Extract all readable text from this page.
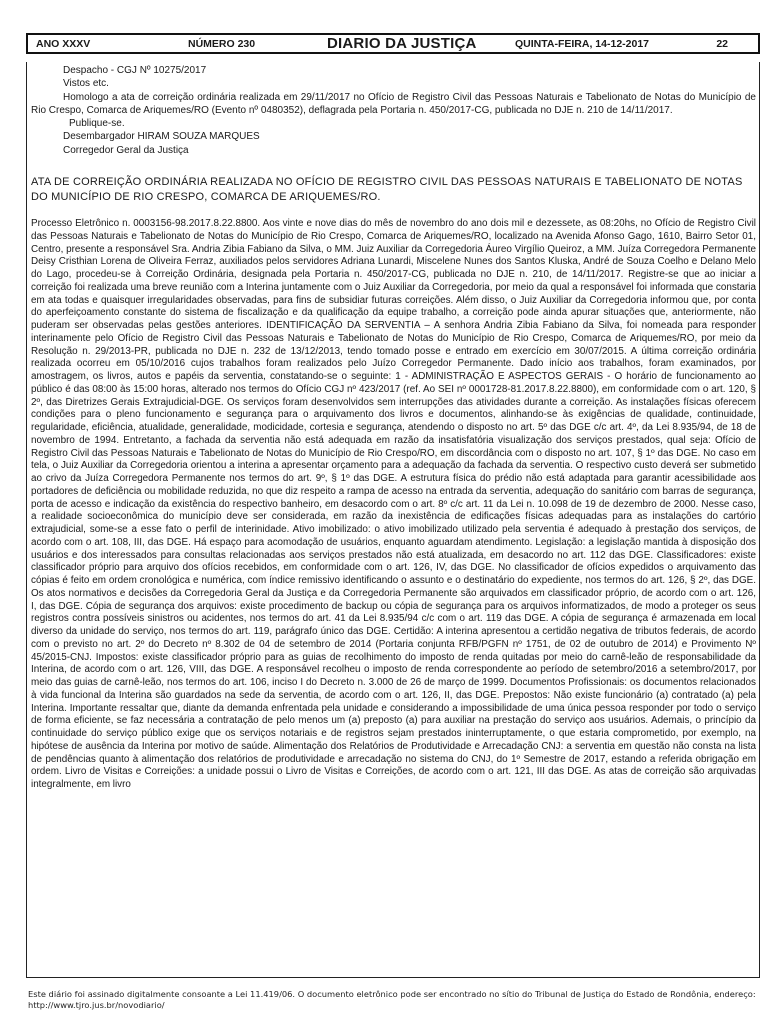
ANO XXXV	NÚMERO 230	DIARIO DA JUSTIÇA	QUINTA-FEIRA, 14-12-2017	22

Despacho - CGJ Nº 10275/2017

Vistos etc.

Homologo a ata de correição ordinária realizada em 29/11/2017 no Ofício de Registro Civil das Pessoas Naturais e Tabelionato de Notas do Município de Rio Crespo, Comarca de Ariquemes/RO (Evento nº 0480352), deflagrada pela Portaria n. 450/2017-CG, publicada no DJE n. 210 de 14/11/2017.

Publique-se.

Desembargador HIRAM SOUZA MARQUES

Corregedor Geral da Justiça

ATA DE CORREIÇÃO ORDINÁRIA REALIZADA NO OFÍCIO DE REGISTRO CIVIL DAS PESSOAS NATURAIS E TABELIONATO DE NOTAS DO MUNICÍPIO DE RIO CRESPO, COMARCA DE ARIQUEMES/RO.

Processo Eletrônico n. 0003156-98.2017.8.22.8800. Aos vinte e nove dias do mês de novembro do ano dois mil e dezessete, as 08:20hs, no Ofício de Registro Civil das Pessoas Naturais e Tabelionato de Notas do Município de Rio Crespo, Comarca de Ariquemes/RO, localizado na Avenida Afonso Gago, 1610, Bairro Setor 01, Centro, presente a responsável Sra. Andria Zibia Fabiano da Silva, o MM. Juiz Auxiliar da Corregedoria Áureo Virgílio Queiroz, a MM. Juíza Corregedora Permanente Deisy Cristhian Lorena de Oliveira Ferraz, auxiliados pelos servidores Adriana Lunardi, Miscelene Nunes dos Santos Kluska, André de Souza Coelho e Delano Melo do Lago, procedeu-se à Correição Ordinária, designada pela Portaria n. 450/2017-CG, publicada no DJE n. 210, de 14/11/2017. Registre-se que ao iniciar a correição foi realizada uma breve reunião com a Interina juntamente com o Juiz Auxiliar da Corregedoria, por meio da qual a responsável foi informada que constaria em ata todas e quaisquer irregularidades observadas, para fins de subsidiar futuras correições. Além disso, o Juiz Auxiliar da Corregedoria informou que, por conta do aperfeiçoamento constante do sistema de fiscalização e da qualificação da equipe trabalho, a correição pode ainda apurar situações que, anteriormente, não puderam ser observadas pelas gestões anteriores. IDENTIFICAÇÃO DA SERVENTIA – A senhora Andria Zibia Fabiano da Silva, foi nomeada para responder interinamente pelo Ofício de Registro Civil das Pessoas Naturais e Tabelionato de Notas do Município de Rio Crespo, Comarca de Ariquemes/RO, por meio da Resolução n. 29/2013-PR, publicada no DJE n. 232 de 13/12/2013, tendo tomado posse e entrado em exercício em 30/07/2015. A última correição ordinária realizada ocorreu em 05/10/2016 cujos trabalhos foram realizados pelo Juízo Corregedor Permanente. Dado início aos trabalhos, foram examinados, por amostragem, os livros, autos e papéis da serventia, constatando-se o seguinte: 1 - ADMINISTRAÇÃO E ASPECTOS GERAIS - O horário de funcionamento ao público é das 08:00 às 15:00 horas, alterado nos termos do Ofício CGJ nº 423/2017 (ref. Ao SEI nº 0001728-81.2017.8.22.8800), em conformidade com o art. 120, § 2º, das Diretrizes Gerais Extrajudicial-DGE. Os serviços foram desenvolvidos sem interrupções das atividades durante a correição. As instalações físicas oferecem condições para o pleno funcionamento e segurança para o arquivamento dos livros e documentos, alinhando-se às exigências de qualidade, continuidade, regularidade, eficiência, atualidade, generalidade, modicidade, cortesia e segurança, atendendo o disposto no art. 5º das DGE c/c art. 4º, da Lei 8.935/94, de 18 de novembro de 1994. Entretanto, a fachada da serventia não está adequada em razão da insatisfatória visualização dos serviços prestados, qual seja: Ofício de Registro Civil das Pessoas Naturais e Tabelionato de Notas do Município de Rio Crespo/RO, em discordância com o disposto no art. 107, § 1º das DGE. No caso em tela, o Juiz Auxiliar da Corregedoria orientou a interina a apresentar orçamento para a adequação da fachada da serventia. O respectivo custo deverá ser submetido ao crivo da Juíza Corregedora Permanente nos termos do art. 9º, § 1º das DGE. A estrutura física do prédio não está adaptada para garantir acessibilidade aos portadores de deficiência ou mobilidade reduzida, no que diz respeito a rampa de acesso na entrada da serventia, adequação do sanitário com barras de segurança, porta de acesso e indicação da existência do respectivo banheiro, em desacordo com o art. 8º c/c art. 11 da Lei n. 10.098 de 19 de dezembro de 2000. Nesse caso, a realidade socioeconômica do município deve ser considerada, em razão da inexistência de edificações físicas adequadas para as instalações do cartório extrajudicial, some-se a esse fato o perfil de interinidade. Ativo imobilizado: o ativo imobilizado utilizado pela serventia é adequado à prestação dos serviços, de acordo com o art. 108, III, das DGE. Há espaço para acomodação de usuários, enquanto aguardam atendimento. Legislação: a legislação mantida à disposição dos usuários e dos interessados para consultas relacionadas aos serviços prestados não está atualizada, em desacordo no art. 112 das DGE. Classificadores: existe classificador próprio para arquivo dos ofícios recebidos, em conformidade com o art. 126, IV, das DGE. No classificador de ofícios expedidos o arquivamento das cópias é feito em ordem cronológica e numérica, com índice remissivo identificando o assunto e o destinatário do expediente, nos termos do art. 126, § 2º, das DGE. Os atos normativos e decisões da Corregedoria Geral da Justiça e da Corregedoria Permanente são arquivados em classificador próprio, de acordo com o art. 126, I, das DGE. Cópia de segurança dos arquivos: existe procedimento de backup ou cópia de segurança para os arquivos informatizados, de modo a proteger os seus registros contra possíveis sinistros ou acidentes, nos termos do art. 41 da Lei 8.935/94 c/c com o art. 119 das DGE. A cópia de segurança é armazenada em local diverso da unidade do serviço, nos termos do art. 119, parágrafo único das DGE. Certidão: A interina apresentou a certidão negativa de tributos federais, de acordo com o previsto no art. 2º do Decreto nº 8.302 de 04 de setembro de 2014 (Portaria conjunta RFB/PGFN nº 1751, de 02 de outubro de 2014) e Provimento Nº 45/2015-CNJ. Impostos: existe classificador próprio para as guias de recolhimento do imposto de renda quitadas por meio do carnê-leão de responsabilidade da Interina, de acordo com o art. 126, VIII, das DGE. A responsável recolheu o imposto de renda correspondente ao período de setembro/2016 a setembro/2017, por meio das guias de carnê-leão, nos termos do art. 106, inciso I do Decreto n. 3.000 de 26 de março de 1999. Documentos Profissionais: os documentos relacionados à vida funcional da Interina são guardados na sede da serventia, de acordo com o art. 126, II, das DGE. Prepostos: Não existe funcionário (a) contratado (a) pela Interina. Importante ressaltar que, diante da demanda enfrentada pela unidade e considerando a impossibilidade de uma única pessoa responder por todo o serviço de forma eficiente, se faz necessária a contratação de pelo menos um (a) preposto (a) para auxiliar na prestação do serviço aos usuários. Ademais, o princípio da continuidade do serviço público exige que os serviços notariais e de registros sejam prestados ininterruptamente, o que estaria comprometido, por exemplo, na hipótese de ausência da Interina por motivo de saúde. Alimentação dos Relatórios de Produtividade e Arrecadação CNJ: a serventia em questão não consta na lista de pendências quanto à alimentação dos relatórios de produtividade e arrecadação no sistema do CNJ, do 1º Semestre de 2017, estando a referida obrigação em ordem. Livro de Visitas e Correições: a unidade possui o Livro de Visitas e Correições, de acordo com o art. 121, III das DGE. As atas de correição são arquivadas integralmente, em livro

Este diário foi assinado digitalmente consoante a Lei 11.419/06. O documento eletrônico pode ser encontrado no sítio do Tribunal de Justiça do Estado de Rondônia, endereço: http://www.tjro.jus.br/novodiario/
